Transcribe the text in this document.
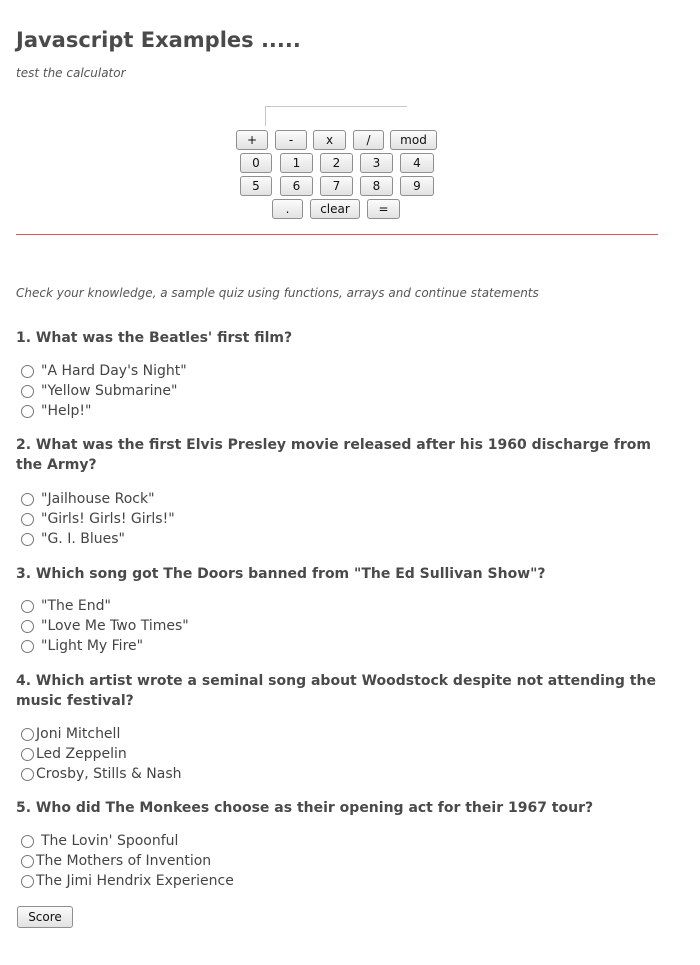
Javascript Examples .....
test the calculator
+	-	x	/	mod
0	1	2	3	4
5	6	7	8	9
.	clear	=
Check your knowledge, a sample quiz using functions, arrays and continue statements
1. What was the Beatles' first film?
"A Hard Day's Night"
"Yellow Submarine"
"Help!"
2. What was the first Elvis Presley movie released after his 1960 discharge from the Army?
"Jailhouse Rock"
"Girls! Girls! Girls!"
"G. I. Blues"
3. Which song got The Doors banned from "The Ed Sullivan Show"?
"The End"
"Love Me Two Times"
"Light My Fire"
4. Which artist wrote a seminal song about Woodstock despite not attending the music festival?
Joni Mitchell
Led Zeppelin
Crosby, Stills & Nash
5. Who did The Monkees choose as their opening act for their 1967 tour?
The Lovin' Spoonful
The Mothers of Invention
The Jimi Hendrix Experience
Score
